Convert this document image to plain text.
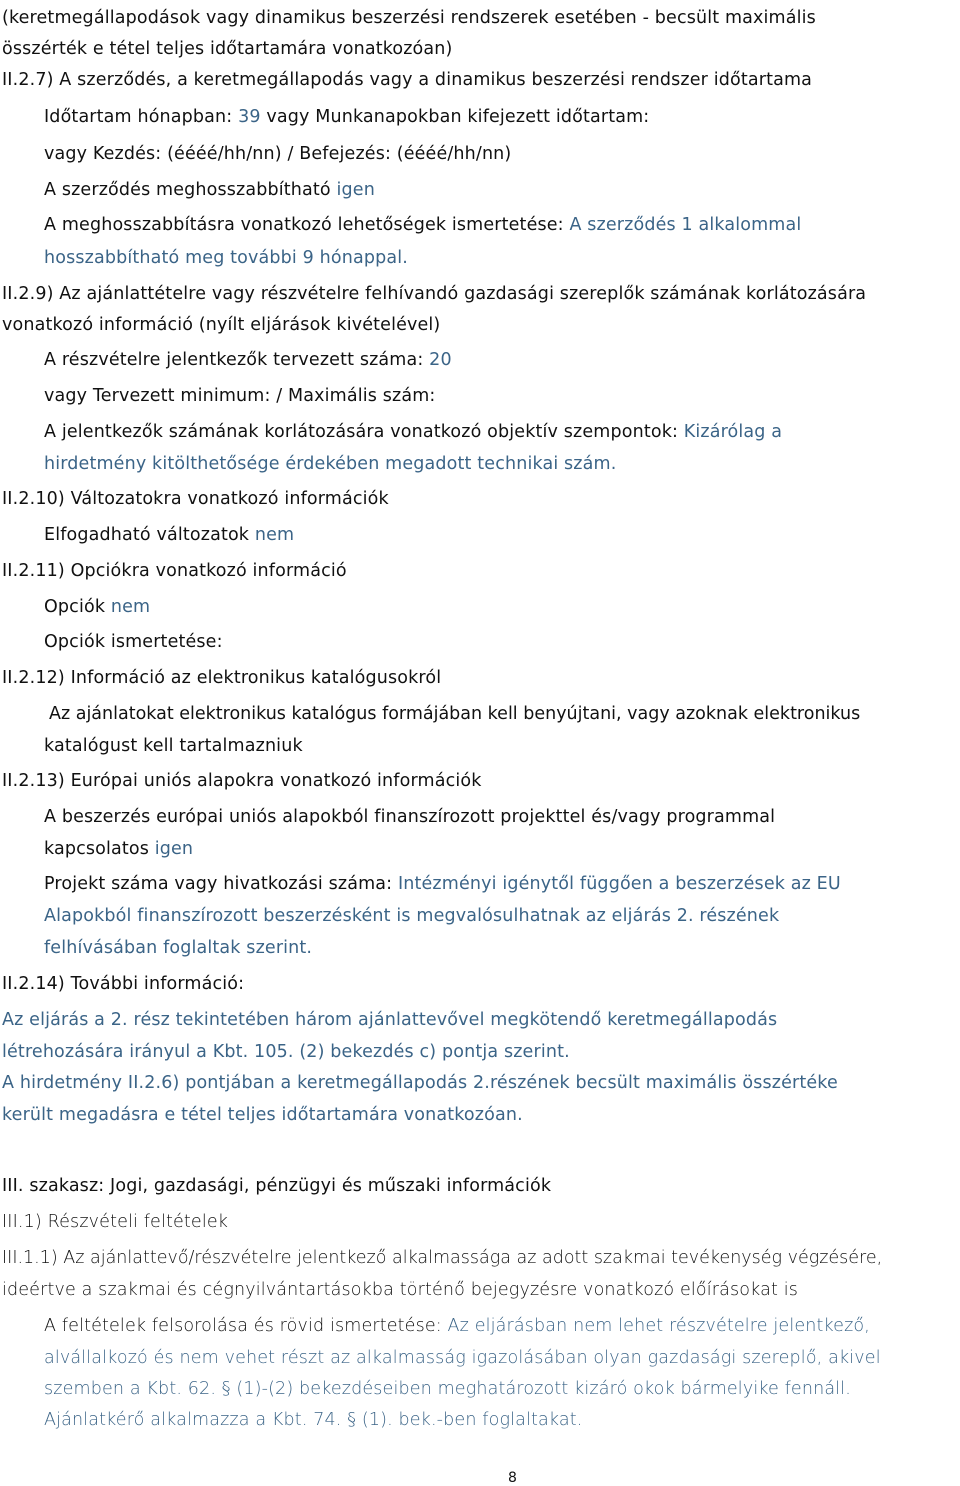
(keretmegállapodások vagy dinamikus beszerzési rendszerek esetében - becsült maximális
összérték e tétel teljes időtartamára vonatkozóan)
II.2.7) A szerződés, a keretmegállapodás vagy a dinamikus beszerzési rendszer időtartama
Időtartam hónapban: 39 vagy Munkanapokban kifejezett időtartam:
vagy Kezdés: (éééé/hh/nn) / Befejezés: (éééé/hh/nn)
A szerződés meghosszabbítható igen
A meghosszabbításra vonatkozó lehetőségek ismertetése: A szerződés 1 alkalommal
hosszabbítható meg további 9 hónappal.
II.2.9) Az ajánlattételre vagy részvételre felhívandó gazdasági szereplők számának korlátozására
vonatkozó információ (nyílt eljárások kivételével)
A részvételre jelentkezők tervezett száma: 20
vagy Tervezett minimum: / Maximális szám:
A jelentkezők számának korlátozására vonatkozó objektív szempontok: Kizárólag a
hirdetmény kitölthetősége érdekében megadott technikai szám.
II.2.10) Változatokra vonatkozó információk
Elfogadható változatok nem
II.2.11) Opciókra vonatkozó információ
Opciók nem
Opciók ismertetése:
II.2.12) Információ az elektronikus katalógusokról
Az ajánlatokat elektronikus katalógus formájában kell benyújtani, vagy azoknak elektronikus
katalógust kell tartalmazniuk
II.2.13) Európai uniós alapokra vonatkozó információk
A beszerzés európai uniós alapokból finanszírozott projekttel és/vagy programmal
kapcsolatos igen
Projekt száma vagy hivatkozási száma: Intézményi igénytől függően a beszerzések az EU
Alapokból finanszírozott beszerzésként is megvalósulhatnak az eljárás 2. részének
felhívásában foglaltak szerint.
II.2.14) További információ:
Az eljárás a 2. rész tekintetében három ajánlattevővel megkötendő keretmegállapodás
létrehozására irányul a Kbt. 105. (2) bekezdés c) pontja szerint.
A hirdetmény II.2.6) pontjában a keretmegállapodás 2.részének becsült maximális összértéke
került megadásra e tétel teljes időtartamára vonatkozóan.
III. szakasz: Jogi, gazdasági, pénzügyi és műszaki információk
III.1) Részvételi feltételek
III.1.1) Az ajánlattevő/részvételre jelentkező alkalmassága az adott szakmai tevékenység végzésére,
ideértve a szakmai és cégnyilvántartásokba történő bejegyzésre vonatkozó előírásokat is
A feltételek felsorolása és rövid ismertetése: Az eljárásban nem lehet részvételre jelentkező,
alvállalkozó és nem vehet részt az alkalmasság igazolásában olyan gazdasági szereplő, akivel
szemben a Kbt. 62. § (1)-(2) bekezdéseiben meghatározott kizáró okok bármelyike fennáll.
Ajánlatkérő alkalmazza a Kbt. 74. § (1). bek.-ben foglaltakat.
8
